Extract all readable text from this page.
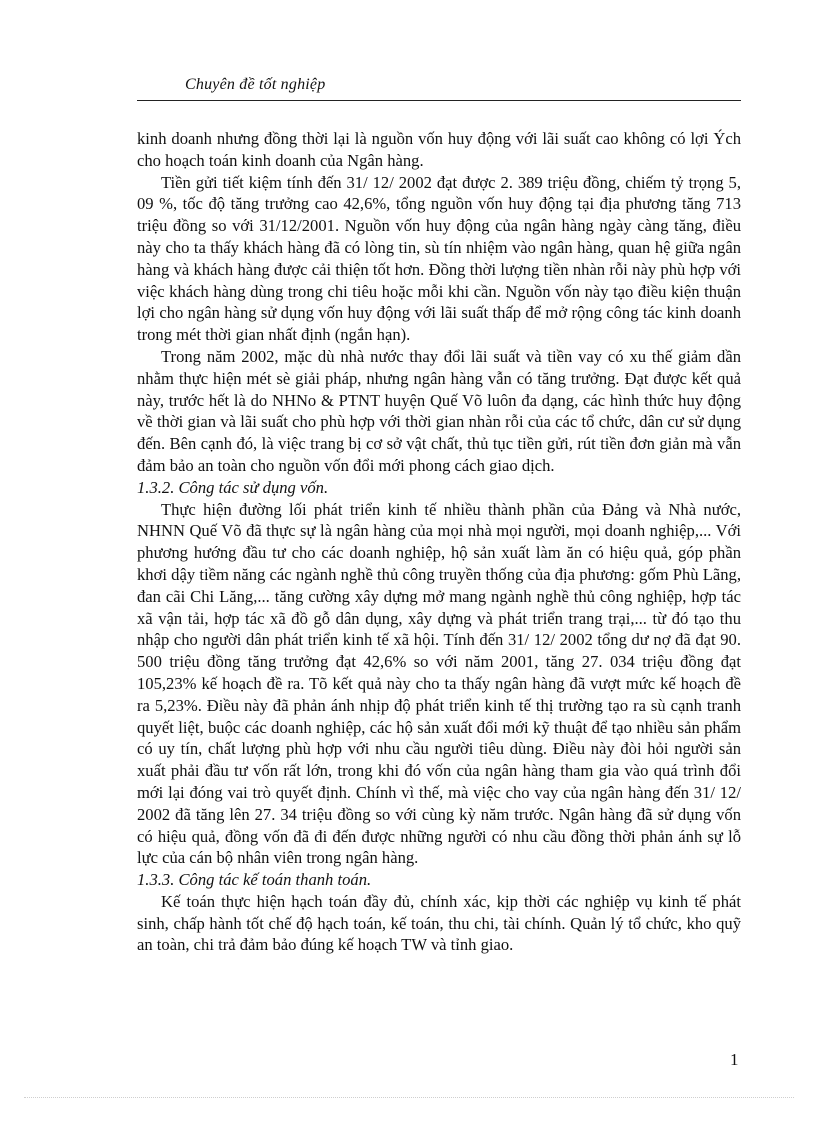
Chuyên đề tốt nghiệp

kinh doanh nhưng đồng thời lại là nguồn vốn huy động với lãi suất cao không có lợi Ých cho hoạch toán kinh doanh của Ngân hàng.

Tiền gửi tiết kiệm tính đến 31/ 12/ 2002 đạt được 2. 389 triệu đồng, chiếm tỷ trọng 5, 09 %, tốc độ tăng trưởng cao 42,6%, tổng nguồn vốn huy động tại địa phương tăng 713 triệu đồng so với 31/12/2001. Nguồn vốn huy động của ngân hàng ngày càng tăng, điều này cho ta thấy khách hàng đã có lòng tin, sù tín nhiệm vào ngân hàng, quan hệ giữa ngân hàng và khách hàng được cải thiện tốt hơn. Đồng thời lượng tiền nhàn rỗi này phù hợp với việc khách hàng dùng trong chi tiêu hoặc mỗi khi cần. Nguồn vốn này tạo điều kiện thuận lợi cho ngân hàng sử dụng vốn huy động với lãi suất thấp để mở rộng công tác kinh doanh trong mét thời gian nhất định (ngắn hạn).

Trong năm 2002, mặc dù nhà nước thay đổi lãi suất và tiền vay có xu thế giảm dần nhằm thực hiện mét sè giải pháp, nhưng ngân hàng vẫn có tăng trưởng. Đạt được kết quả này, trước hết là do NHNo & PTNT huyện Quế Võ luôn đa dạng, các hình thức huy động về thời gian và lãi suất cho phù hợp với thời gian nhàn rỗi của các tổ chức, dân cư sử dụng đến. Bên cạnh đó, là việc trang bị cơ sở vật chất, thủ tục tiền gửi, rút tiền đơn giản mà vẫn đảm bảo an toàn cho nguồn vốn đổi mới phong cách giao dịch.

1.3.2. Công tác sử dụng vốn.

Thực hiện đường lối phát triển kinh tế nhiều thành phần của Đảng và Nhà nước, NHNN Quế Võ đã thực sự là ngân hàng của mọi nhà mọi người, mọi doanh nghiệp,... Với phương hướng đầu tư cho các doanh nghiệp, hộ sản xuất làm ăn có hiệu quả, góp phần khơi dậy tiềm năng các ngành nghề thủ công truyền thống của địa phương: gốm Phù Lãng, đan cãi Chi Lăng,... tăng cường xây dựng mở mang ngành nghề thủ công nghiệp, hợp tác xã vận tải, hợp tác xã đồ gỗ dân dụng, xây dựng và phát triển trang trại,... từ đó tạo thu nhập cho người dân phát triển kinh tế xã hội. Tính đến 31/ 12/ 2002 tổng dư nợ đã đạt 90. 500 triệu đồng tăng trưởng đạt 42,6% so với năm 2001, tăng 27. 034 triệu đồng đạt 105,23% kế hoạch đề ra. Tõ kết quả này cho ta thấy ngân hàng đã vượt mức kế hoạch đề ra 5,23%. Điều này đã phản ánh nhịp độ phát triển kinh tế thị trường tạo ra sù cạnh tranh quyết liệt, buộc các doanh nghiệp, các hộ sản xuất đổi mới kỹ thuật để tạo nhiều sản phẩm có uy tín, chất lượng phù hợp với nhu cầu người tiêu dùng. Điều này đòi hỏi người sản xuất phải đầu tư vốn rất lớn, trong khi đó vốn của ngân hàng tham gia vào quá trình đổi mới lại đóng vai trò quyết định. Chính vì thế, mà việc cho vay của ngân hàng đến 31/ 12/ 2002 đã tăng lên 27. 34 triệu đồng so với cùng kỳ năm trước. Ngân hàng đã sử dụng vốn có hiệu quả, đồng vốn đã đi đến được những người có nhu cầu đồng thời phản ánh sự lỗ lực của cán bộ nhân viên trong ngân hàng.

1.3.3. Công tác kế toán thanh toán.

Kế toán thực hiện hạch toán đầy đủ, chính xác, kịp thời các nghiệp vụ kinh tế phát sinh, chấp hành tốt chế độ hạch toán, kế toán, thu chi, tài chính. Quản lý tổ chức, kho quỹ an toàn, chi trả đảm bảo đúng kế hoạch TW và tỉnh giao.

1
